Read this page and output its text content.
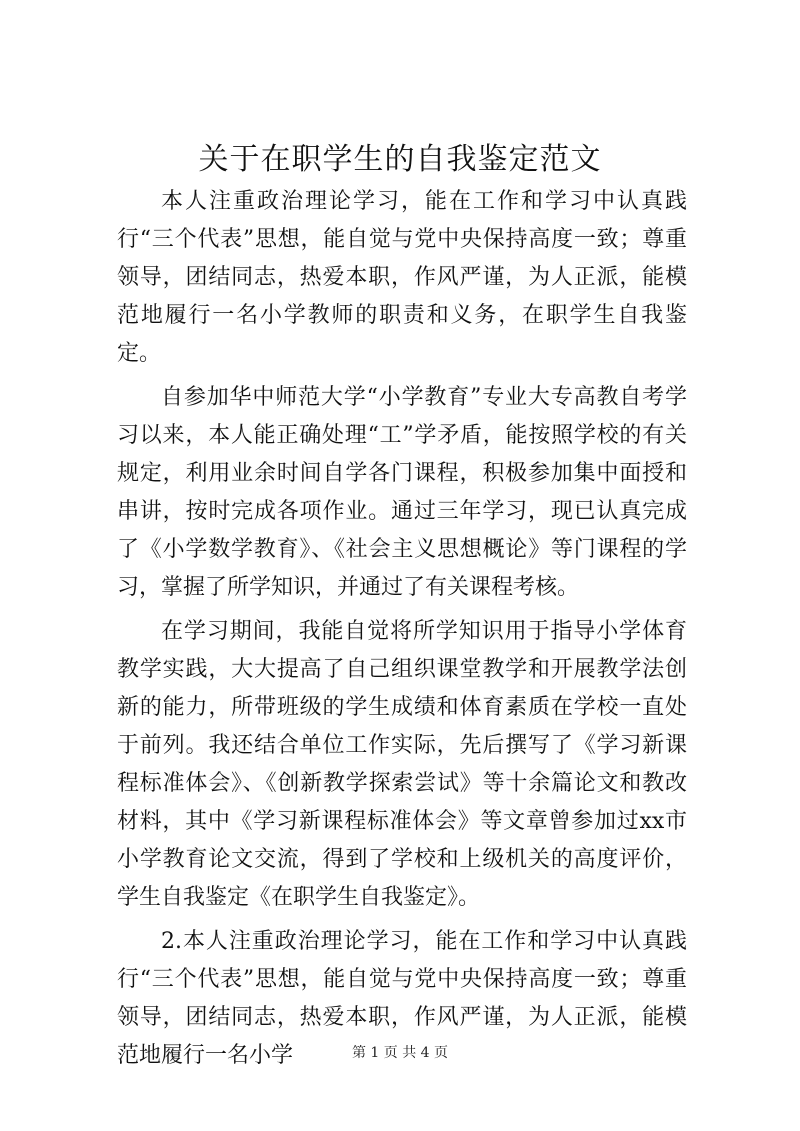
关于在职学生的自我鉴定范文

本人注重政治理论学习，能在工作和学习中认真践行“三个代表”思想，能自觉与党中央保持高度一致；尊重领导，团结同志，热爱本职，作风严谨，为人正派，能模范地履行一名小学教师的职责和义务，在职学生自我鉴定。

自参加华中师范大学“小学教育”专业大专高教自考学习以来，本人能正确处理“工”学矛盾，能按照学校的有关规定，利用业余时间自学各门课程，积极参加集中面授和串讲，按时完成各项作业。通过三年学习，现已认真完成了《小学数学教育》、《社会主义思想概论》等门课程的学习，掌握了所学知识，并通过了有关课程考核。

在学习期间，我能自觉将所学知识用于指导小学体育教学实践，大大提高了自己组织课堂教学和开展教学法创新的能力，所带班级的学生成绩和体育素质在学校一直处于前列。我还结合单位工作实际，先后撰写了《学习新课程标准体会》、《创新教学探索尝试》等十余篇论文和教改材料，其中《学习新课程标准体会》等文章曾参加过xx市小学教育论文交流，得到了学校和上级机关的高度评价，学生自我鉴定《在职学生自我鉴定》。

2.本人注重政治理论学习，能在工作和学习中认真践行“三个代表”思想，能自觉与党中央保持高度一致；尊重领导，团结同志，热爱本职，作风严谨，为人正派，能模范地履行一名小学	第 1 页 共 4 页
